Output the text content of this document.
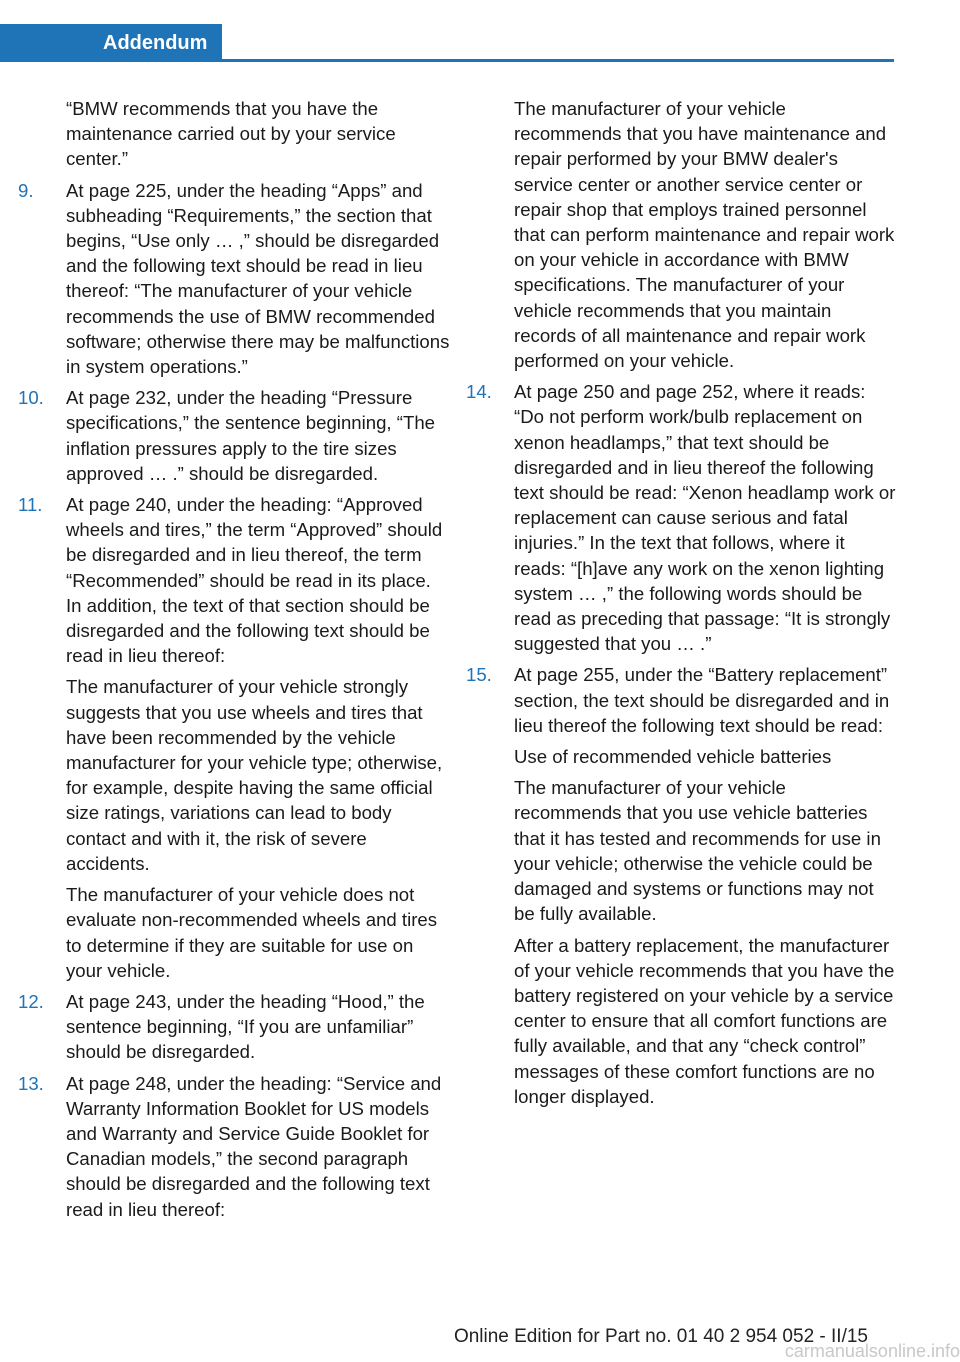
Addendum

“BMW recommends that you have the maintenance carried out by your service center.”

9.	At page 225, under the heading “Apps” and subheading “Requirements,” the section that begins, “Use only … ,” should be disregarded and the following text should be read in lieu thereof: “The manufacturer of your vehicle recommends the use of BMW recommended software; otherwise there may be malfunctions in system operations.”

10.	At page 232, under the heading “Pressure specifications,” the sentence beginning, “The inflation pressures apply to the tire sizes approved … .” should be disregarded.

11.	At page 240, under the heading: “Approved wheels and tires,” the term “Approved” should be disregarded and in lieu thereof, the term “Recommended” should be read in its place. In addition, the text of that section should be disregarded and the following text should be read in lieu thereof:

The manufacturer of your vehicle strongly suggests that you use wheels and tires that have been recommended by the vehicle manufacturer for your vehicle type; otherwise, for example, despite having the same official size ratings, variations can lead to body contact and with it, the risk of severe accidents.

The manufacturer of your vehicle does not evaluate non-recommended wheels and tires to determine if they are suitable for use on your vehicle.

12.	At page 243, under the heading “Hood,” the sentence beginning, “If you are unfamiliar” should be disregarded.

13.	At page 248, under the heading: “Service and Warranty Information Booklet for US models and Warranty and Service Guide Booklet for Canadian models,” the second paragraph should be disregarded and the following text read in lieu thereof:

The manufacturer of your vehicle recommends that you have maintenance and repair performed by your BMW dealer's service center or another service center or repair shop that employs trained personnel that can perform maintenance and repair work on your vehicle in accordance with BMW specifications. The manufacturer of your vehicle recommends that you maintain records of all maintenance and repair work performed on your vehicle.

14.	At page 250 and page 252, where it reads: “Do not perform work/bulb replacement on xenon headlamps,” that text should be disregarded and in lieu thereof the following text should be read: “Xenon headlamp work or replacement can cause serious and fatal injuries.” In the text that follows, where it reads: “[h]ave any work on the xenon lighting system … ,” the following words should be read as preceding that passage: “It is strongly suggested that you … .”

15.	At page 255, under the “Battery replacement” section, the text should be disregarded and in lieu thereof the following text should be read:

Use of recommended vehicle batteries

The manufacturer of your vehicle recommends that you use vehicle batteries that it has tested and recommends for use in your vehicle; otherwise the vehicle could be damaged and systems or functions may not be fully available.

After a battery replacement, the manufacturer of your vehicle recommends that you have the battery registered on your vehicle by a service center to ensure that all comfort functions are fully available, and that any “check control” messages of these comfort functions are no longer displayed.

Online Edition for Part no. 01 40 2 954 052 - II/15
carmanualsonline.info
